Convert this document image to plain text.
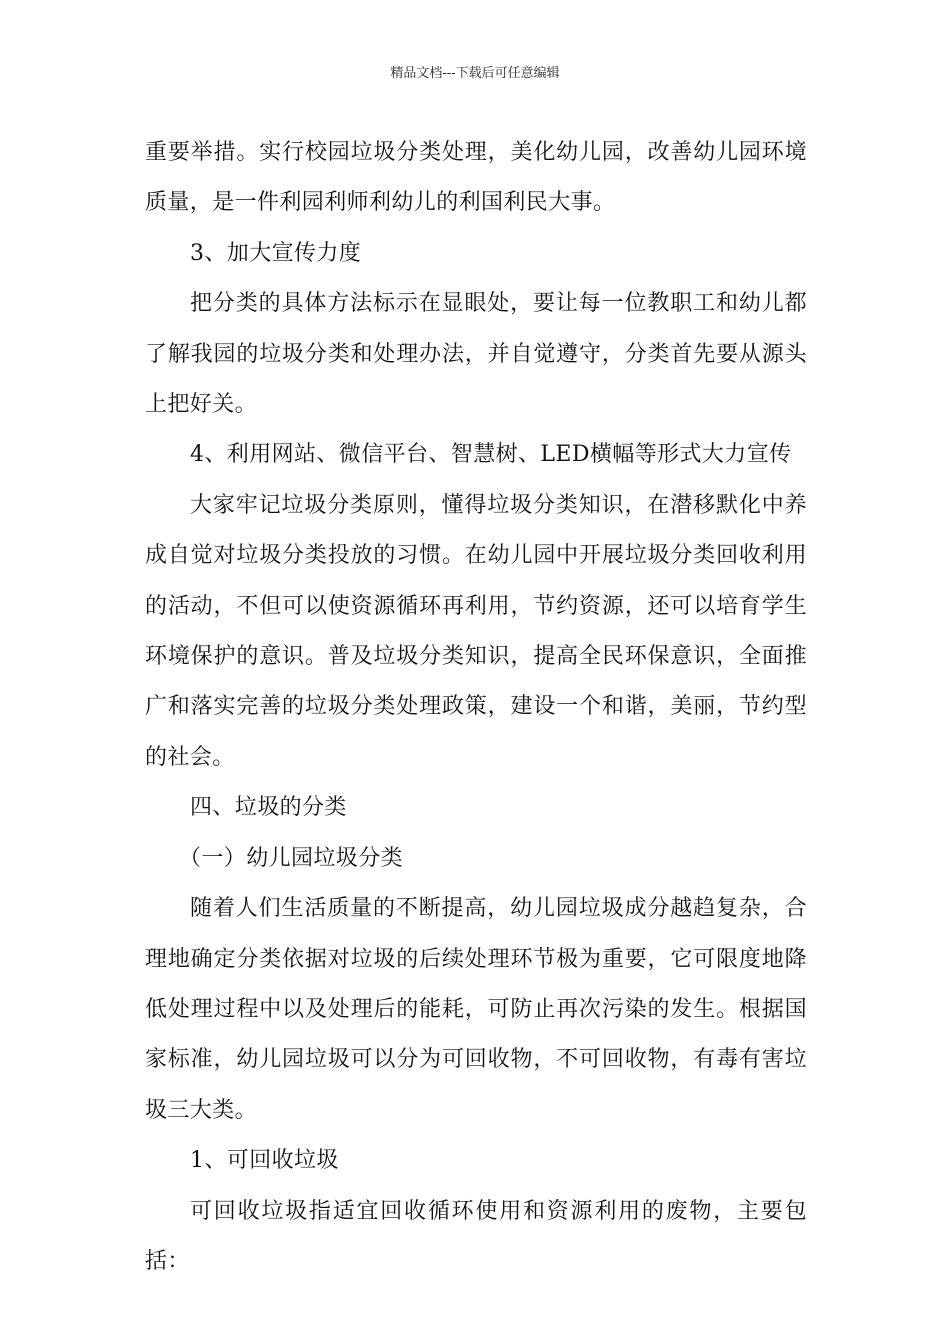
精品文档---下载后可任意编辑

重要举措。实行校园垃圾分类处理，美化幼儿园，改善幼儿园环境质量，是一件利园利师利幼儿的利国利民大事。

3、加大宣传力度

把分类的具体方法标示在显眼处，要让每一位教职工和幼儿都了解我园的垃圾分类和处理办法，并自觉遵守，分类首先要从源头上把好关。

4、利用网站、微信平台、智慧树、LED横幅等形式大力宣传

大家牢记垃圾分类原则，懂得垃圾分类知识，在潜移默化中养成自觉对垃圾分类投放的习惯。在幼儿园中开展垃圾分类回收利用的活动，不但可以使资源循环再利用，节约资源，还可以培育学生环境保护的意识。普及垃圾分类知识，提高全民环保意识，全面推广和落实完善的垃圾分类处理政策，建设一个和谐，美丽，节约型的社会。

四、垃圾的分类

（一）幼儿园垃圾分类

随着人们生活质量的不断提高，幼儿园垃圾成分越趋复杂，合理地确定分类依据对垃圾的后续处理环节极为重要，它可限度地降低处理过程中以及处理后的能耗，可防止再次污染的发生。根据国家标准，幼儿园垃圾可以分为可回收物，不可回收物，有毒有害垃圾三大类。

1、可回收垃圾

可回收垃圾指适宜回收循环使用和资源利用的废物，主要包括：
